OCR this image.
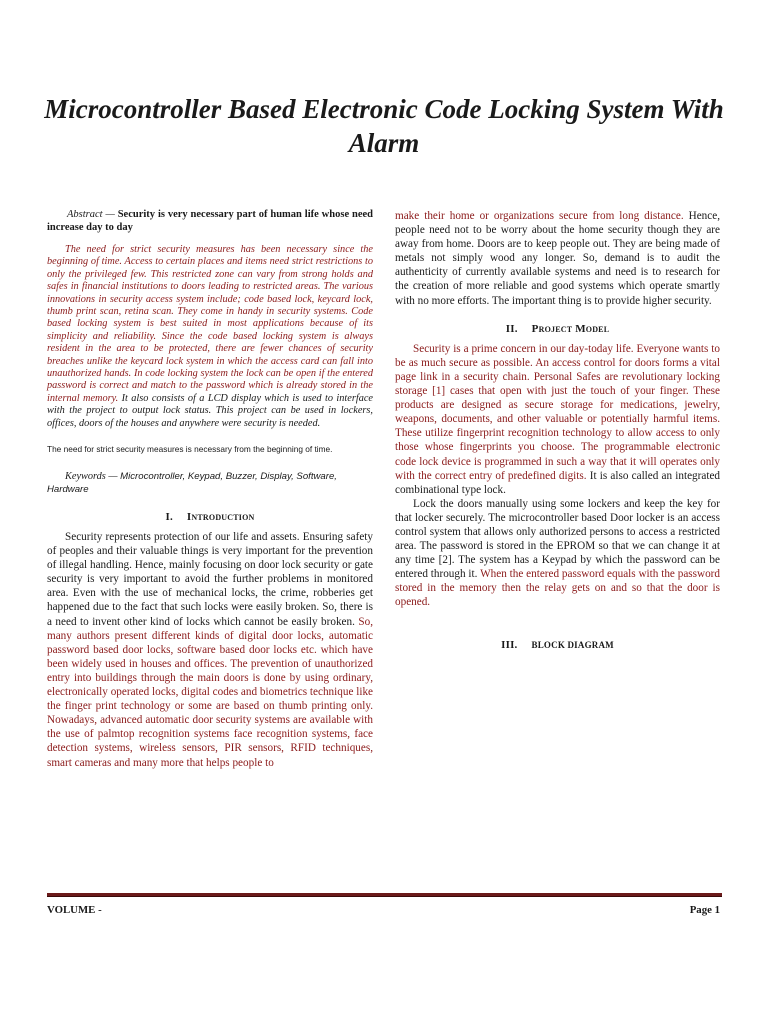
Microcontroller Based Electronic Code Locking System With Alarm
Abstract — Security is very necessary part of human life whose need increase day to day

The need for strict security measures has been necessary since the beginning of time. Access to certain places and items need strict restrictions to only the privileged few. This restricted zone can vary from strong holds and safes in financial institutions to doors leading to restricted areas. The various innovations in security access system include; code based lock, keycard lock, thumb print scan, retina scan. They come in handy in security systems. Code based locking system is best suited in most applications because of its simplicity and reliability. Since the code based locking system is always resident in the area to be protected, there are fewer chances of security breaches unlike the keycard lock system in which the access card can fall into unauthorized hands. In code locking system the lock can be open if the entered password is correct and match to the password which is already stored in the internal memory. It also consists of a LCD display which is used to interface with the project to output lock status. This project can be used in lockers, offices, doors of the houses and anywhere were security is needed.

The need for strict security measures is necessary from the beginning of time.
Keywords — Microcontroller, Keypad, Buzzer, Display, Software, Hardware
I. Introduction

Security represents protection of our life and assets. Ensuring safety of peoples and their valuable things is very important for the prevention of illegal handling. Hence, mainly focusing on door lock security or gate security is very important to avoid the further problems in monitored area. Even with the use of mechanical locks, the crime, robberies get happened due to the fact that such locks were easily broken. So, there is a need to invent other kind of locks which cannot be easily broken. So, many authors present different kinds of digital door locks, automatic password based door locks, software based door locks etc. which have been widely used in houses and offices. The prevention of unauthorized entry into buildings through the main doors is done by using ordinary, electronically operated locks, digital codes and biometrics technique like the finger print technology or some are based on thumb printing only. Nowadays, advanced automatic door security systems are available with the use of palmtop recognition systems face recognition systems, face detection systems, wireless sensors, PIR sensors, RFID techniques, smart cameras and many more that helps people to

make their home or organizations secure from long distance. Hence, people need not to be worry about the home security though they are away from home. Doors are to keep people out. They are being made of metals not simply wood any longer. So, demand is to audit the authenticity of currently available systems and need is to research for the creation of more reliable and good systems which operate smartly with no more efforts. The important thing is to provide higher security.

II. Project Model

Security is a prime concern in our day-today life. Everyone wants to be as much secure as possible. An access control for doors forms a vital page link in a security chain. Personal Safes are revolutionary locking storage [1] cases that open with just the touch of your finger. These products are designed as secure storage for medications, jewelry, weapons, documents, and other valuable or potentially harmful items. These utilize fingerprint recognition technology to allow access to only those whose fingerprints you choose. The programmable electronic code lock device is programmed in such a way that it will operates only with the correct entry of predefined digits. It is also called an integrated combinational type lock.

Lock the doors manually using some lockers and keep the key for that locker securely. The microcontroller based Door locker is an access control system that allows only authorized persons to access a restricted area. The password is stored in the EPROM so that we can change it at any time [2]. The system has a Keypad by which the password can be entered through it. When the entered password equals with the password stored in the memory then the relay gets on and so that the door is opened.

III. BLOCK DIAGRAM
VOLUME -	Page 1
